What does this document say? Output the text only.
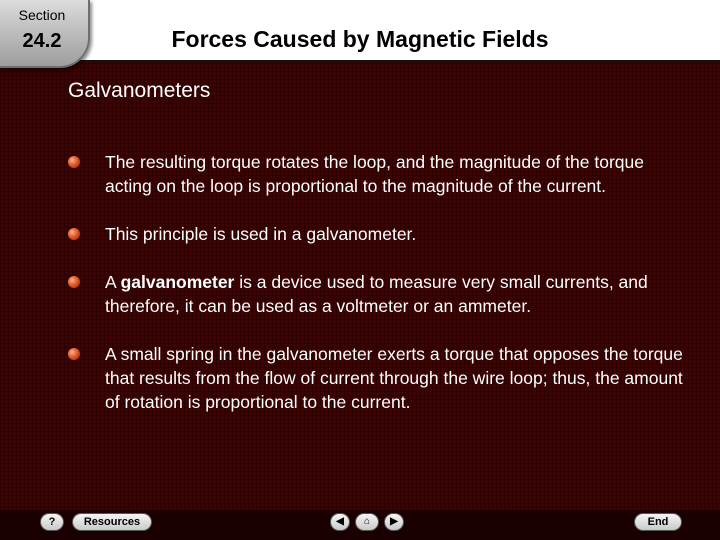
Section
24.2	Forces Caused by Magnetic Fields
Galvanometers
The resulting torque rotates the loop, and the magnitude of the torque acting on the loop is proportional to the magnitude of the current.
This principle is used in a galvanometer.
A galvanometer is a device used to measure very small currents, and therefore, it can be used as a voltmeter or an ammeter.
A small spring in the galvanometer exerts a torque that opposes the torque that results from the flow of current through the wire loop; thus, the amount of rotation is proportional to the current.
?	Resources	◀ ⌂ ▶	End
